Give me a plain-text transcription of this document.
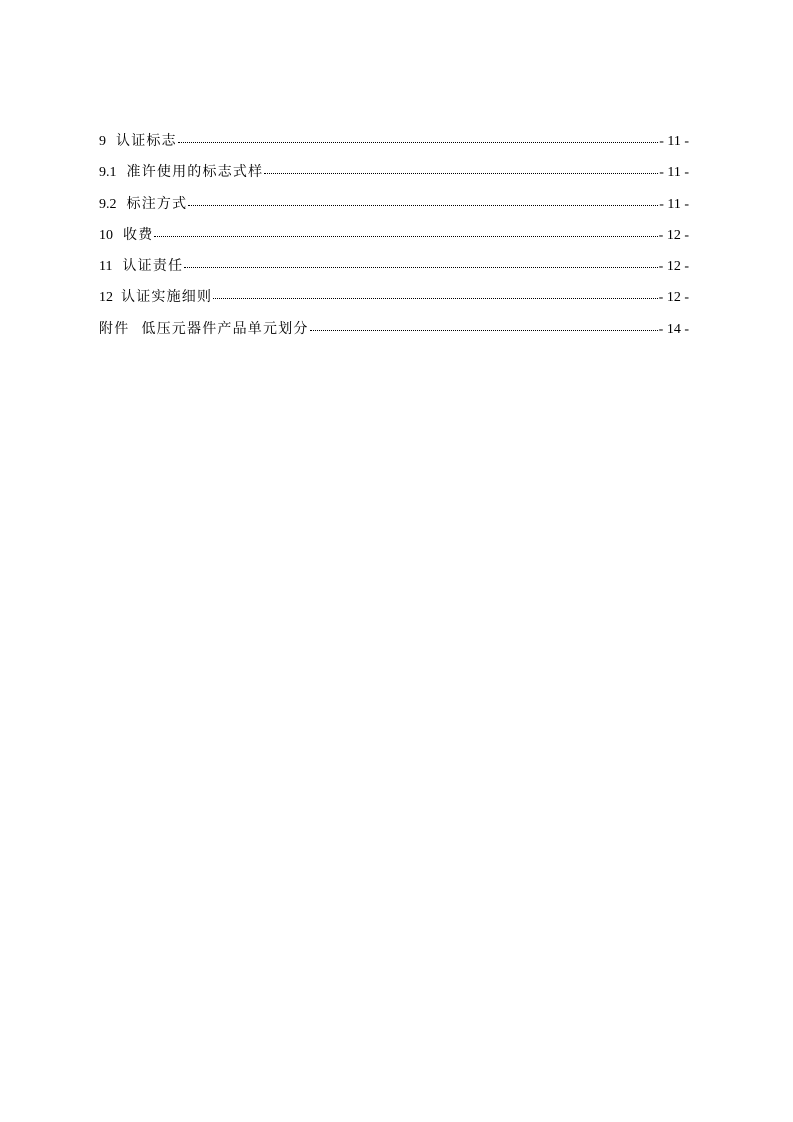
9 认证标志	- 11 -
9.1 准许使用的标志式样	- 11 -
9.2 标注方式	- 11 -
10 收费	- 12 -
11 认证责任	- 12 -
12 认证实施细则	- 12 -
附件 低压元器件产品单元划分	- 14 -
